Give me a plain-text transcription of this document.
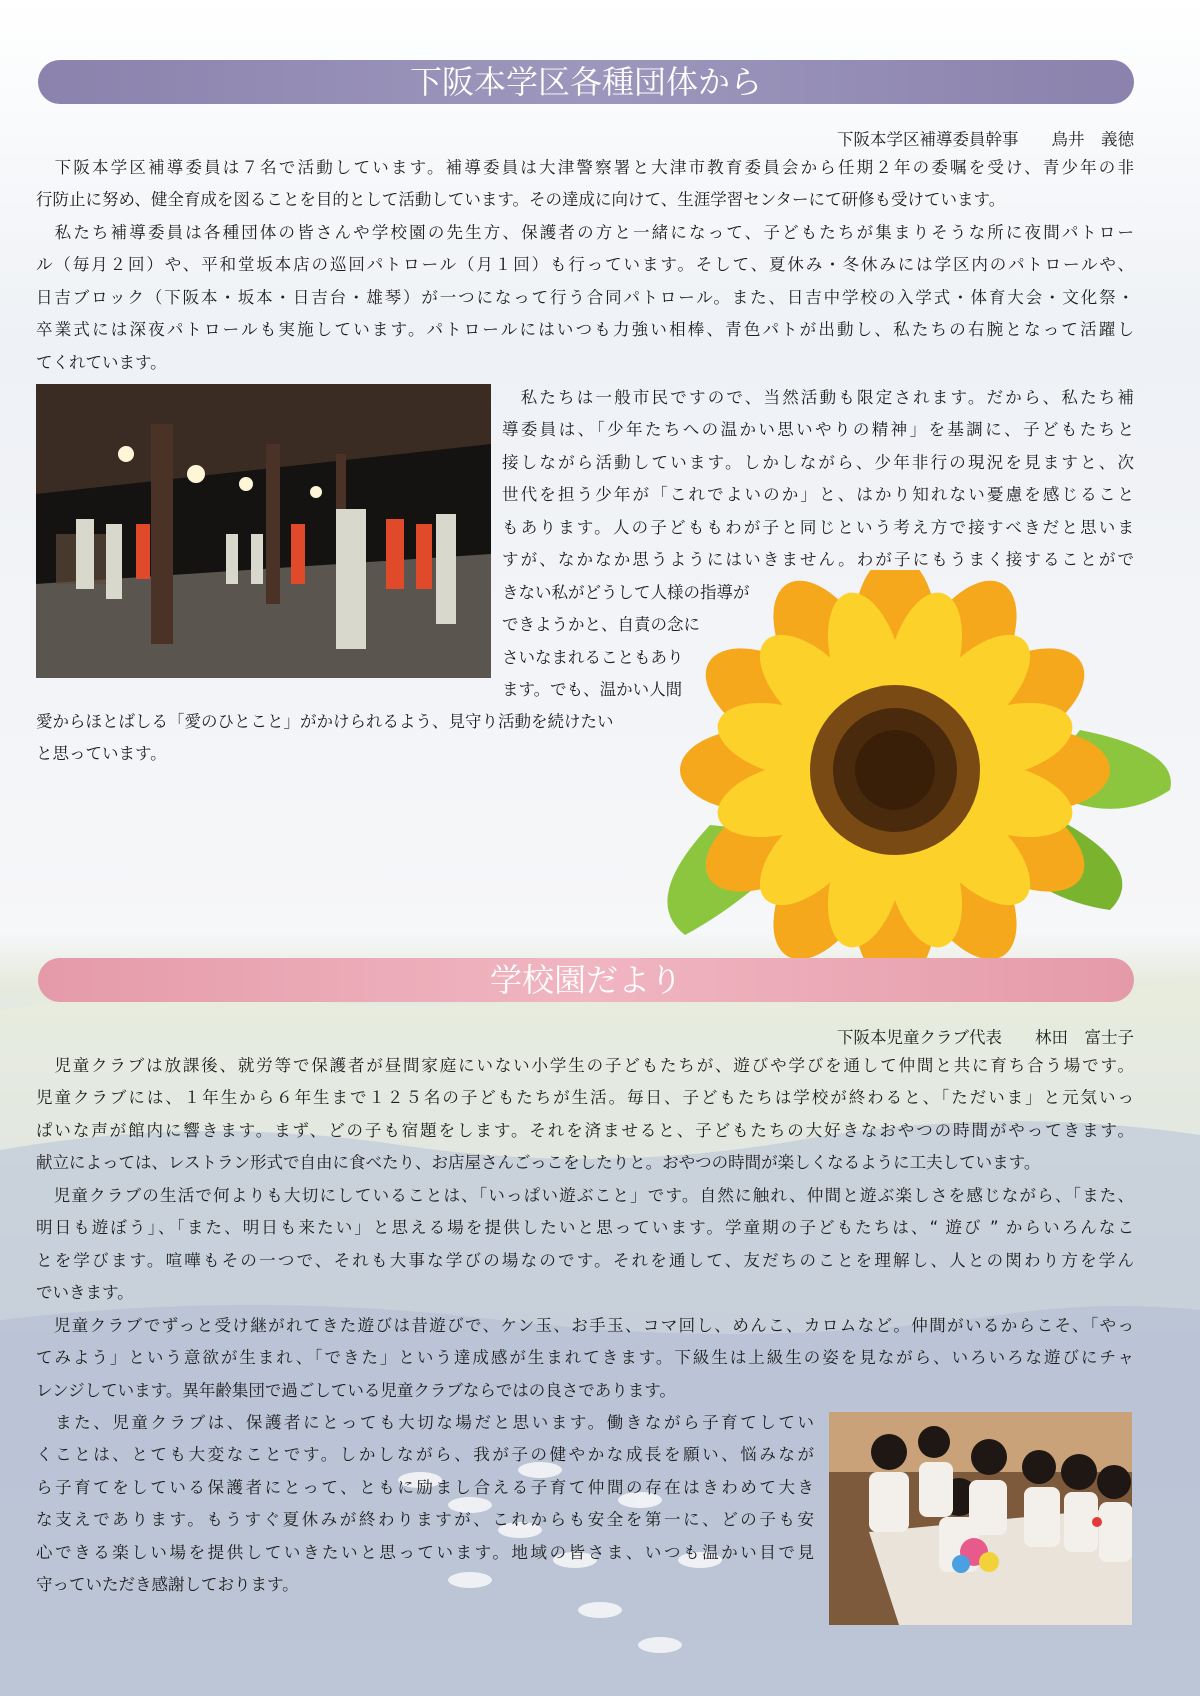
下阪本学区各種団体から
下阪本学区補導委員幹事　　鳥井　義徳
　下阪本学区補導委員は７名で活動しています。補導委員は大津警察署と大津市教育委員会から任期２年の委嘱を受け、青少年の非
行防止に努め、健全育成を図ることを目的として活動しています。その達成に向けて、生涯学習センターにて研修も受けています。
　私たち補導委員は各種団体の皆さんや学校園の先生方、保護者の方と一緒になって、子どもたちが集まりそうな所に夜間パトロー
ル（毎月２回）や、平和堂坂本店の巡回パトロール（月１回）も行っています。そして、夏休み・冬休みには学区内のパトロールや、
日吉ブロック（下阪本・坂本・日吉台・雄琴）が一つになって行う合同パトロール。また、日吉中学校の入学式・体育大会・文化祭・
卒業式には深夜パトロールも実施しています。パトロールにはいつも力強い相棒、青色パトが出動し、私たちの右腕となって活躍し
てくれています。
　私たちは一般市民ですので、当然活動も限定されます。だから、私たち補
導委員は、「少年たちへの温かい思いやりの精神」を基調に、子どもたちと
接しながら活動しています。しかしながら、少年非行の現況を見ますと、次
世代を担う少年が「これでよいのか」と、はかり知れない憂慮を感じること
もあります。人の子どももわが子と同じという考え方で接すべきだと思いま
すが、なかなか思うようにはいきません。わが子にもうまく接することがで
きない私がどうして人様の指導が
できようかと、自責の念に
さいなまれることもあり
ます。でも、温かい人間
愛からほとばしる「愛のひとこと」がかけられるよう、見守り活動を続けたい
と思っています。
学校園だより
下阪本児童クラブ代表　　林田　富士子
　児童クラブは放課後、就労等で保護者が昼間家庭にいない小学生の子どもたちが、遊びや学びを通して仲間と共に育ち合う場です。
児童クラブには、１年生から６年生まで１２５名の子どもたちが生活。毎日、子どもたちは学校が終わると、「ただいま」と元気いっ
ぱいな声が館内に響きます。まず、どの子も宿題をします。それを済ませると、子どもたちの大好きなおやつの時間がやってきます。
献立によっては、レストラン形式で自由に食べたり、お店屋さんごっこをしたりと。おやつの時間が楽しくなるように工夫しています。
　児童クラブの生活で何よりも大切にしていることは、「いっぱい遊ぶこと」です。自然に触れ、仲間と遊ぶ楽しさを感じながら、「また、
明日も遊ぼう」、「また、明日も来たい」と思える場を提供したいと思っています。学童期の子どもたちは、“ 遊び ” からいろんなこ
とを学びます。喧嘩もその一つで、それも大事な学びの場なのです。それを通して、友だちのことを理解し、人との関わり方を学ん
でいきます。
　児童クラブでずっと受け継がれてきた遊びは昔遊びで、ケン玉、お手玉、コマ回し、めんこ、カロムなど。仲間がいるからこそ、「やっ
てみよう」という意欲が生まれ、「できた」という達成感が生まれてきます。下級生は上級生の姿を見ながら、いろいろな遊びにチャ
レンジしています。異年齢集団で過ごしている児童クラブならではの良さであります。
　また、児童クラブは、保護者にとっても大切な場だと思います。働きながら子育てしてい
くことは、とても大変なことです。しかしながら、我が子の健やかな成長を願い、悩みなが
ら子育てをしている保護者にとって、ともに励まし合える子育て仲間の存在はきわめて大き
な支えであります。もうすぐ夏休みが終わりますが、これからも安全を第一に、どの子も安
心できる楽しい場を提供していきたいと思っています。地域の皆さま、いつも温かい目で見
守っていただき感謝しております。
